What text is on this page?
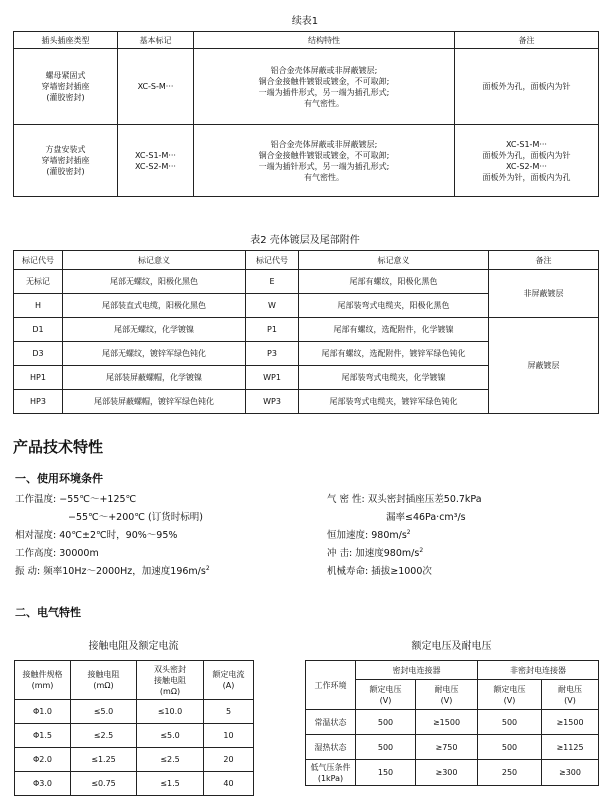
续表1
插头插座类型	基本标记	结构特性	备注
螺母紧固式
穿墙密封插座
(灌胶密封)	XC-S-M···	铝合金壳体屏蔽或非屏蔽镀层;
铜合金接触件镀银或镀金，不可取卸;
一端为插件形式，另一端为插孔形式;
有气密性。	面板外为孔，面板内为针
方盘安装式
穿墙密封插座
(灌胶密封)	XC-S1-M···
XC-S2-M···	铝合金壳体屏蔽或非屏蔽镀层;
铜合金接触件镀银或镀金，不可取卸;
一端为插针形式，另一端为插孔形式;
有气密性。	XC-S1-M···
面板外为孔，面板内为针
XC-S2-M···
面板外为针，面板内为孔
表2 壳体镀层及尾部附件
标记代号	标记意义	标记代号	标记意义	备注
无标记	尾部无螺纹，阳极化黑色	E	尾部有螺纹，阳极化黑色	非屏蔽镀层
H	尾部装直式电缆，阳极化黑色	W	尾部装弯式电缆夹，阳极化黑色	
D1	尾部无螺纹，化学镀镍	P1	尾部有螺纹，选配附件，化学镀镍	屏蔽镀层
D3	尾部无螺纹，镀锌军绿色钝化	P3	尾部有螺纹，选配附件，镀锌军绿色钝化	
HP1	尾部装屏蔽螺帽，化学镀镍	WP1	尾部装弯式电缆夹，化学镀镍	
HP3	尾部装屏蔽螺帽，镀锌军绿色钝化	WP3	尾部装弯式电缆夹，镀锌军绿色钝化	
产品技术特性
一、使用环境条件
工作温度: −55℃～+125℃
−55℃～+200℃ (订货时标明)
相对湿度: 40℃±2℃时，90%～95%
工作高度: 30000m
振 动: 频率10Hz～2000Hz，加速度$196m/s^2$
气 密 性: 双头密封插座压差50.7kPa
漏率≤46Pa·cm³/s
恒加速度: $980m/s^2$
冲 击: 加速度$980m/s^2$
机械寿命: 插拔≥1000次
二、电气特性
接触电阻及额定电流
接触件规格
(mm)	接触电阻
(mΩ)	双头密封
接触电阻
(mΩ)	额定电流
(A)
Φ1.0	≤5.0	≤10.0	5
Φ1.5	≤2.5	≤5.0	10
Φ2.0	≤1.25	≤2.5	20
Φ3.0	≤0.75	≤1.5	40
额定电压及耐电压
工作环境	密封电连接器		非密封电连接器	
	额定电压
(V)	耐电压
(V)	额定电压
(V)	耐电压
(V)
常温状态	500	≥1500	500	≥1500
湿热状态	500	≥750	500	≥1125
低气压条件
(1kPa)	150	≥300	250	≥300
